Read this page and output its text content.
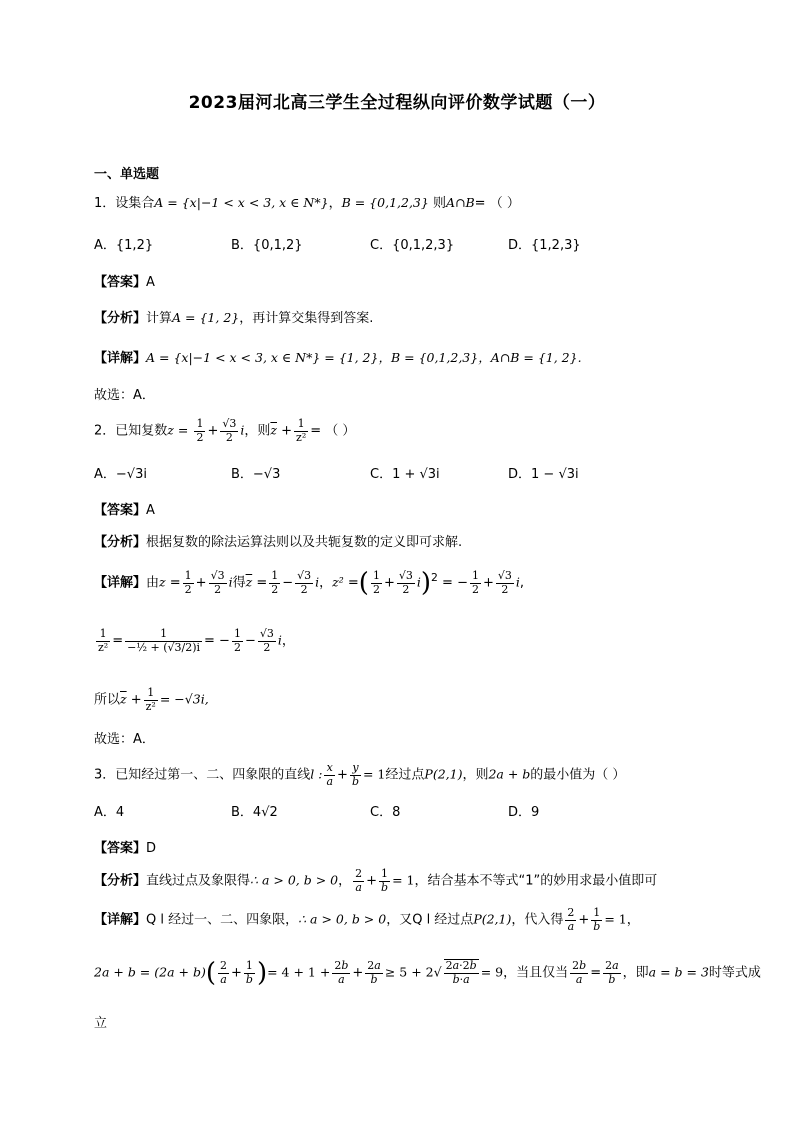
2023届河北高三学生全过程纵向评价数学试题（一）
一、单选题
1．设集合A = {x|−1 < x < 3, x ∈ N*}，B = {0,1,2,3} 则A∩B= （ ）
A．{1,2}	B．{0,1,2}	C．{0,1,2,3}	D．{1,2,3}
【答案】A
【分析】计算A = {1, 2}，再计算交集得到答案.
【详解】A = {x|−1 < x < 3, x ∈ N*} = {1, 2}，B = {0,1,2,3}，A∩B = {1, 2}.
故选：A．
2．已知复数$z = \frac{1}{2} + \frac{√3}{2}$ i，则$\overline{z} + \frac{1}{\text{z²}}$ = （ ）
A．−√3i	B．−√3	C．1 + √3i	D．1 − √3i
【答案】A
【分析】根据复数的除法运算法则以及共轭复数的定义即可求解.
【详解】由$z = \frac{1}{2} + \frac{√3}{2}$ i得$\overline{z} = \frac{1}{2} - \frac{√3}{2}$ i，z² =( $\frac{1}{2} + \frac{√3}{2} i)^2$ = − $\frac{1}{2} + \frac{√3}{2} i$,
$\frac{1}{\text{z²}} = \frac{1}{\text{−½ + (√3/2)i}}$ = − $\frac{1}{2} - \frac{√3}{2}$ i，
所以$\overline{z} + \frac{1}{\text{z²}} = -√3i$,
故选：A．
3．已知经过第一、二、四象限的直线l : $\frac{x}{a} + \frac{y}{b} = 1$经过点P(2,1)，则2a + b的最小值为（ ）
A．4	B．4√2	C．8	D．9
【答案】D
【分析】直线过点及象限得∴ a > 0, b > 0， $\frac{2}{a} + \frac{1}{b} = 1$，结合基本不等式“1”的妙用求最小值即可
【详解】Q l 经过一、二、四象限，∴ a > 0, b > 0，又Q l 经过点P(2,1)，代入得 $\frac{2}{a} + \frac{1}{b} = 1$，
$2a + b = (2a + b)( \frac{2}{a} + \frac{1}{b}$ )= $4 + 1 + \frac{2b}{a} + \frac{2a}{b} \ge 5 + 2√ \frac{2a\cdot 2b}{b\cdot a} = 9$，当且仅当 $\frac{2b}{a} = \frac{2a}{b}$ ，即a = b = 3时等式成
立
